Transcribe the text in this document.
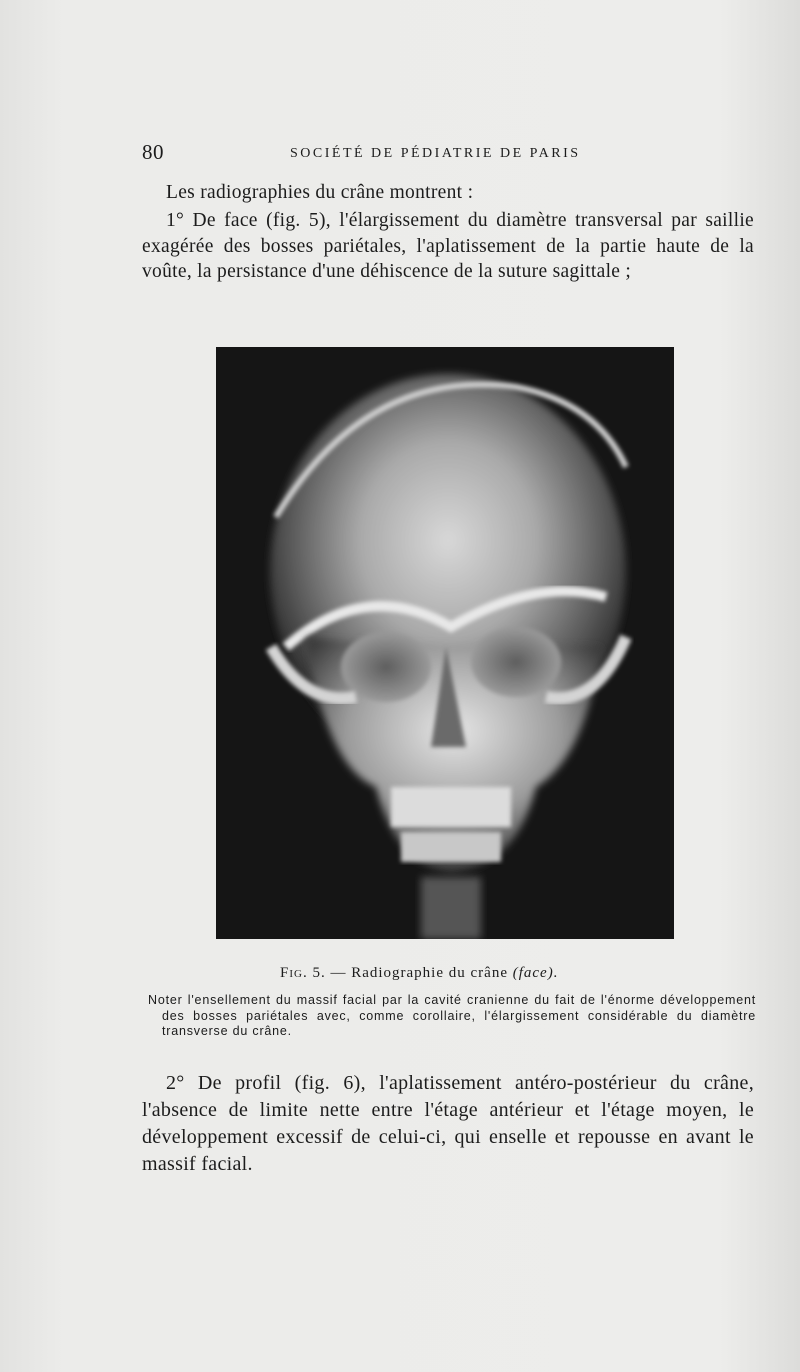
80	SOCIÉTÉ DE PÉDIATRIE DE PARIS
Les radiographies du crâne montrent :
1° De face (fig. 5), l'élargissement du diamètre transversal par saillie exagérée des bosses pariétales, l'aplatissement de la partie haute de la voûte, la persistance d'une déhiscence de la suture sagittale ;
Fig. 5. — Radiographie du crâne (face).
Noter l'ensellement du massif facial par la cavité cranienne du fait de l'énorme développement des bosses pariétales avec, comme corollaire, l'élargissement considérable du diamètre transverse du crâne.
2° De profil (fig. 6), l'aplatissement antéro-postérieur du crâne, l'absence de limite nette entre l'étage antérieur et l'étage moyen, le développement excessif de celui-ci, qui enselle et repousse en avant le massif facial.
